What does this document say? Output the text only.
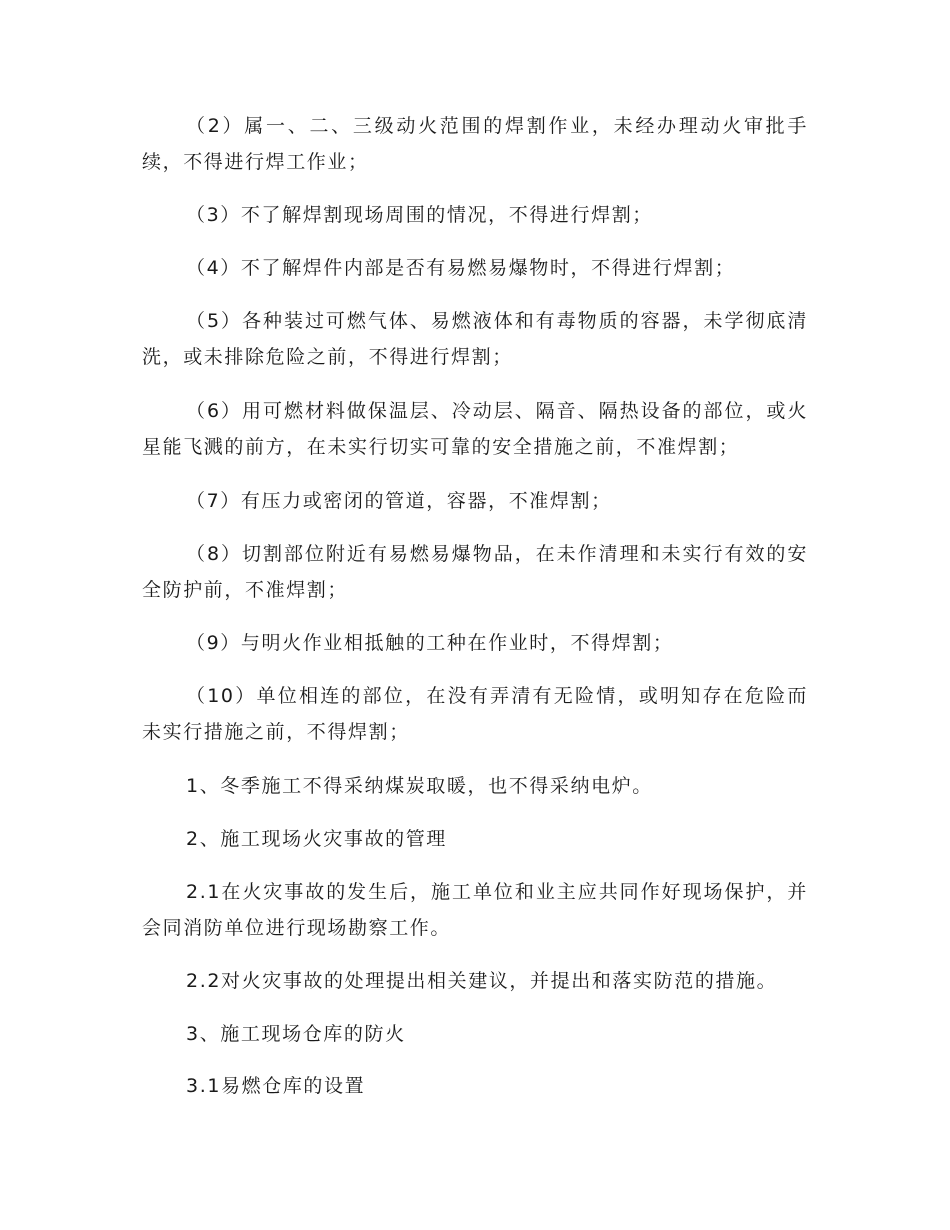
（2）属一、二、三级动火范围的焊割作业，未经办理动火审批手续，不得进行焊工作业；

（3）不了解焊割现场周围的情况，不得进行焊割；

（4）不了解焊件内部是否有易燃易爆物时，不得进行焊割；

（5）各种装过可燃气体、易燃液体和有毒物质的容器，未学彻底清洗，或未排除危险之前，不得进行焊割；

（6）用可燃材料做保温层、冷动层、隔音、隔热设备的部位，或火星能飞溅的前方，在未实行切实可靠的安全措施之前，不准焊割；

（7）有压力或密闭的管道，容器，不准焊割；

（8）切割部位附近有易燃易爆物品，在未作清理和未实行有效的安全防护前，不准焊割；

（9）与明火作业相抵触的工种在作业时，不得焊割；

（10）单位相连的部位，在没有弄清有无险情，或明知存在危险而未实行措施之前，不得焊割；

1、冬季施工不得采纳煤炭取暖，也不得采纳电炉。

2、施工现场火灾事故的管理

2.1在火灾事故的发生后，施工单位和业主应共同作好现场保护，并会同消防单位进行现场勘察工作。

2.2对火灾事故的处理提出相关建议，并提出和落实防范的措施。

3、施工现场仓库的防火

3.1易燃仓库的设置
